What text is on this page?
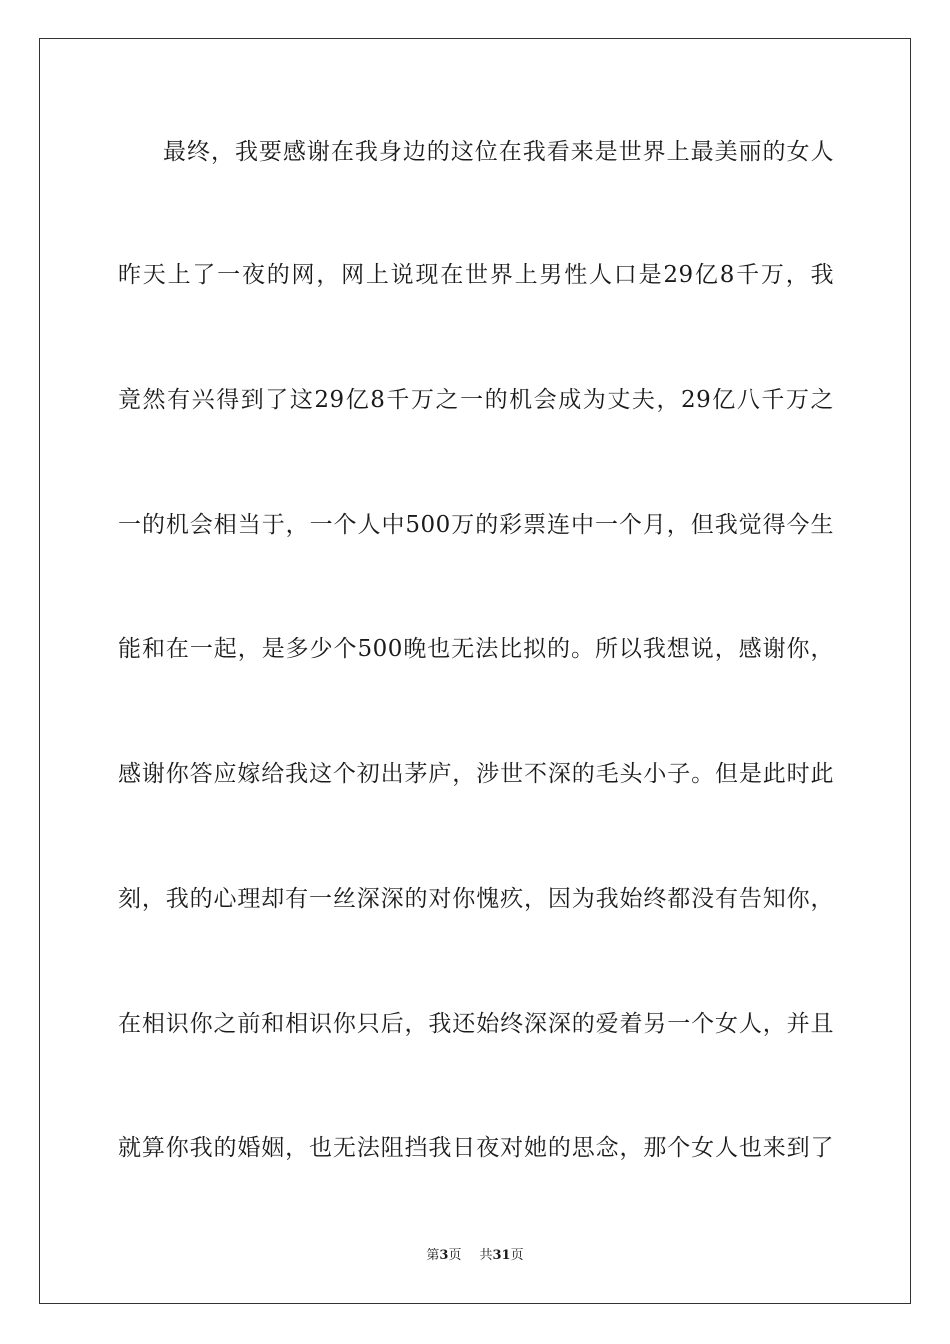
最终，我要感谢在我身边的这位在我看来是世界上最美丽的女人
昨天上了一夜的网，网上说现在世界上男性人口是29亿8千万，我
竟然有兴得到了这29亿8千万之一的机会成为丈夫，29亿八千万之
一的机会相当于，一个人中500万的彩票连中一个月，但我觉得今生
能和在一起，是多少个500晚也无法比拟的。所以我想说，感谢你，
感谢你答应嫁给我这个初出茅庐，涉世不深的毛头小子。但是此时此
刻，我的心理却有一丝深深的对你愧疚，因为我始终都没有告知你，
在相识你之前和相识你只后，我还始终深深的爱着另一个女人，并且
就算你我的婚姻，也无法阻挡我日夜对她的思念，那个女人也来到了
第3页 共31页
